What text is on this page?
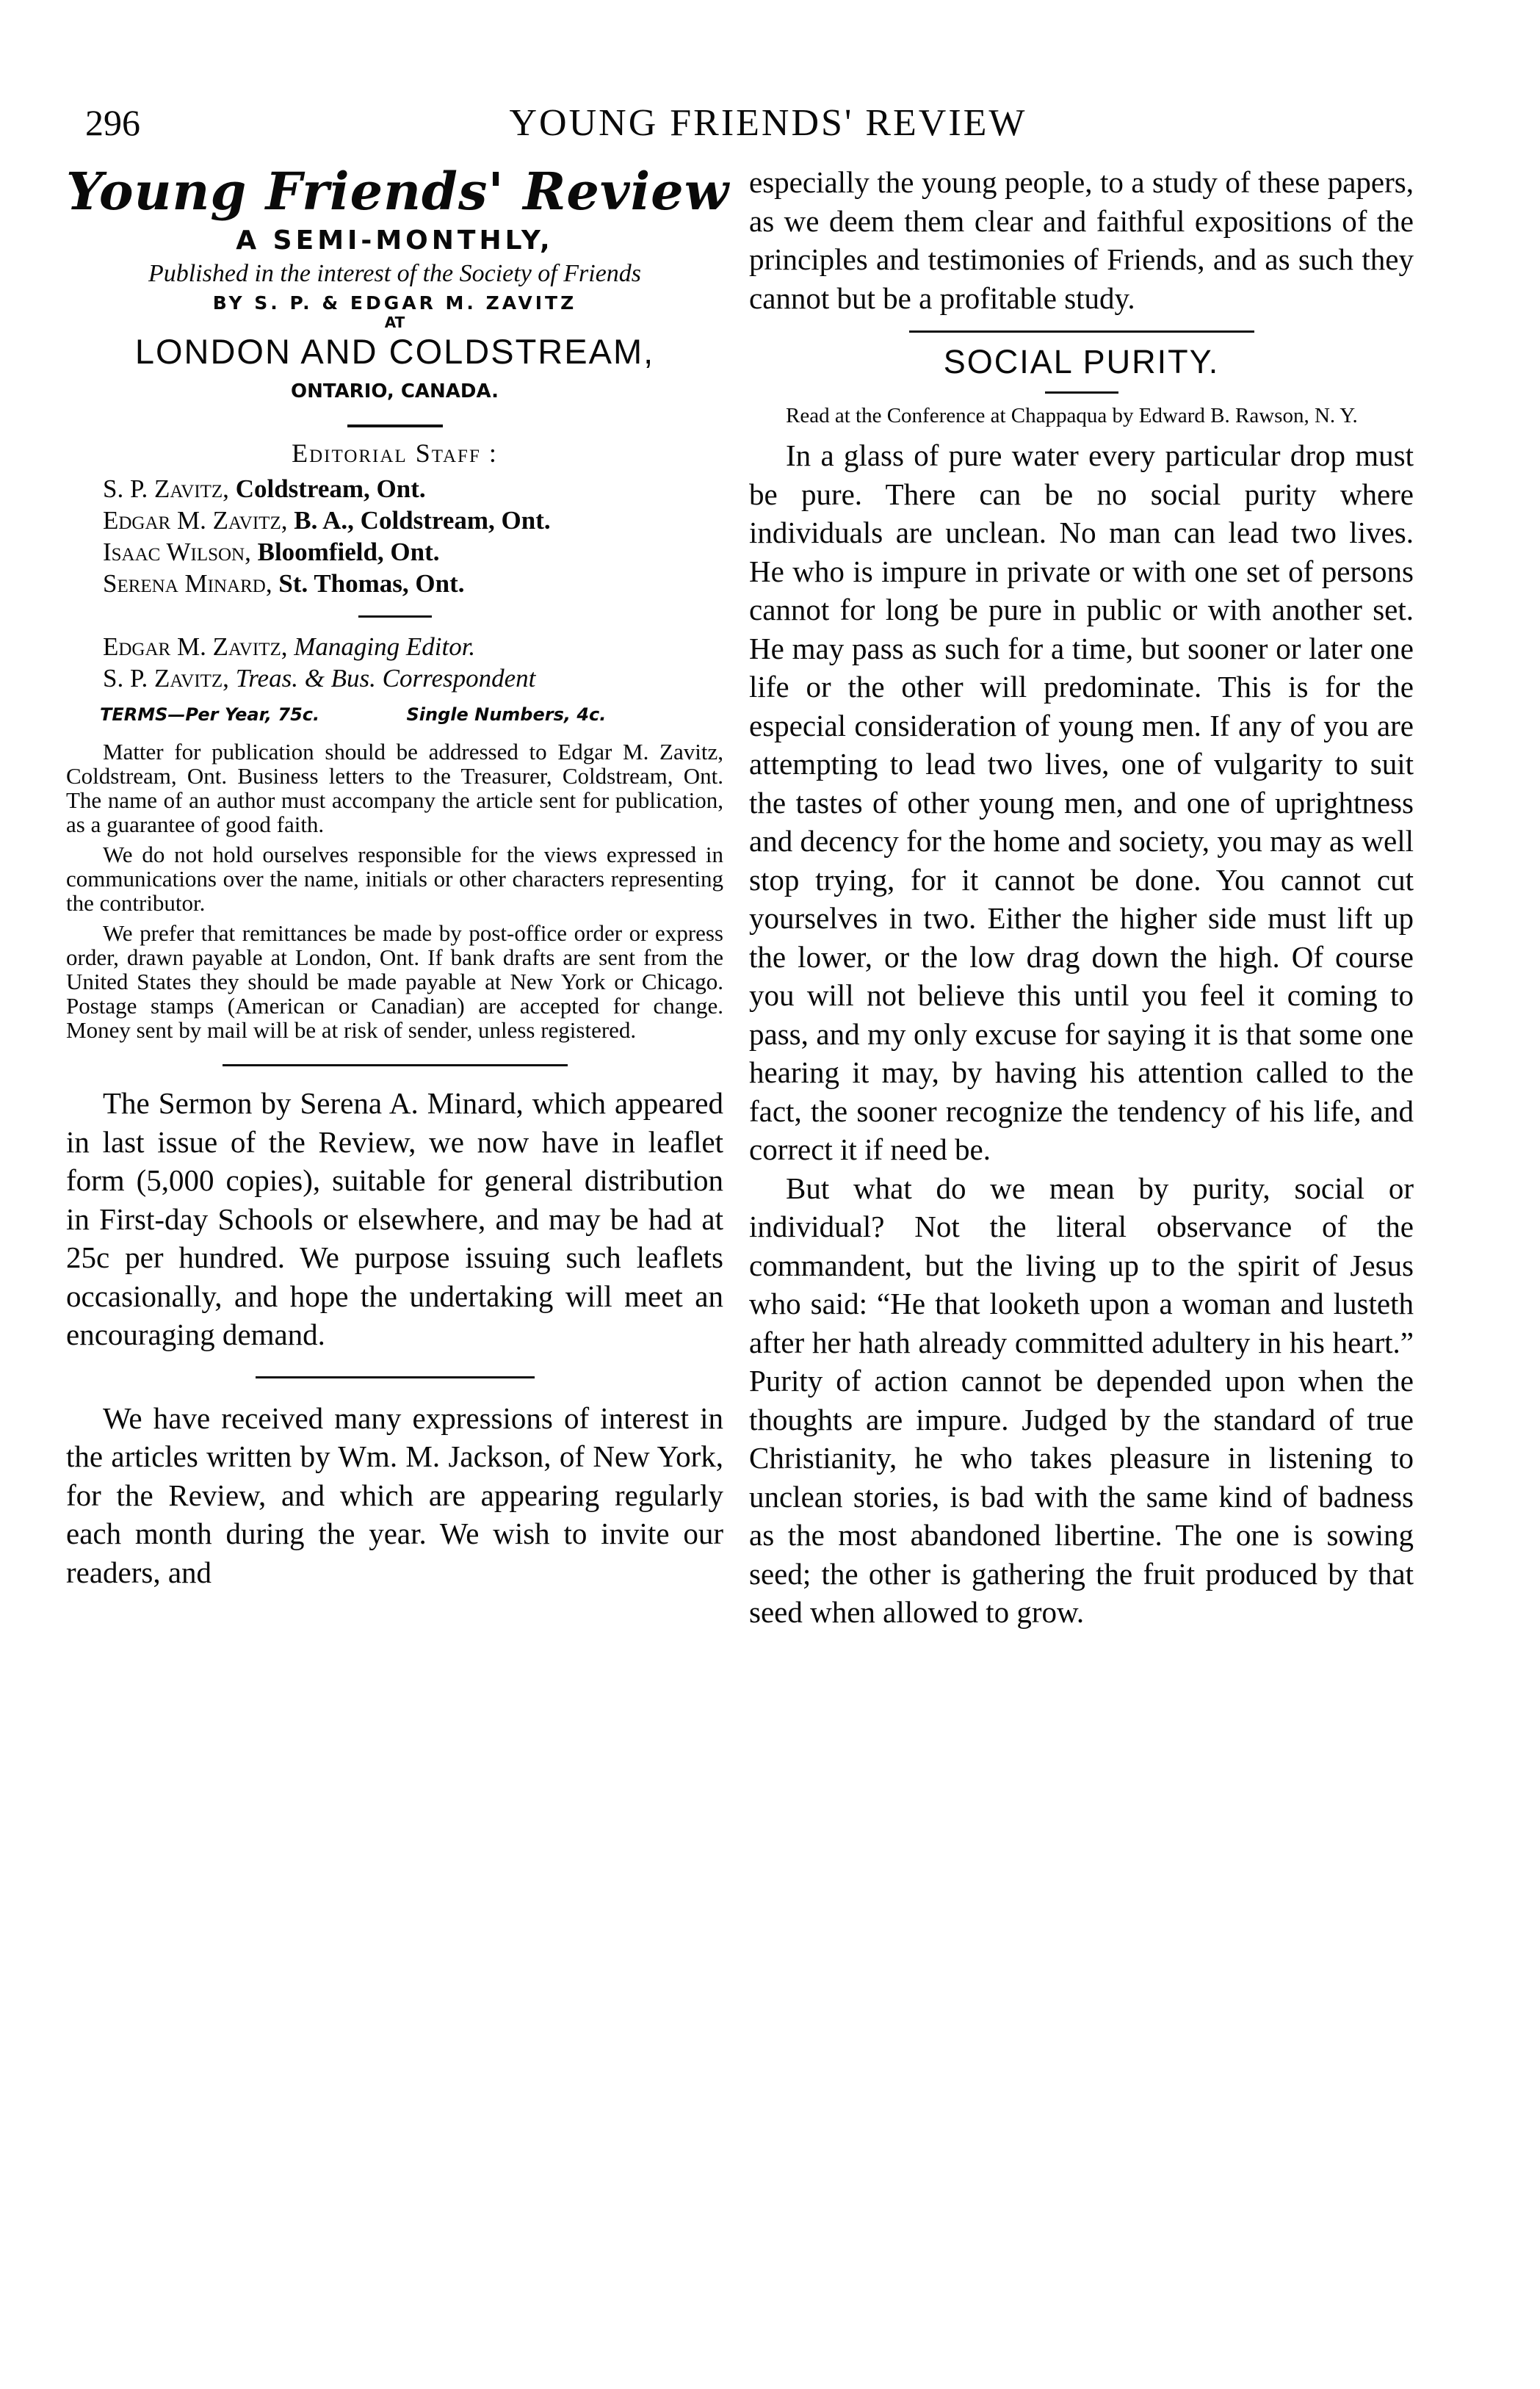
296	YOUNG FRIENDS' REVIEW
Young Friends' Review
A SEMI-MONTHLY,
Published in the interest of the Society of Friends
BY S. P. & EDGAR M. ZAVITZ
AT
LONDON AND COLDSTREAM,
ONTARIO, CANADA.
Editorial Staff :
S. P. Zavitz, Coldstream, Ont.
Edgar M. Zavitz, B. A., Coldstream, Ont.
Isaac Wilson, Bloomfield, Ont.
Serena Minard, St. Thomas, Ont.
Edgar M. Zavitz, Managing Editor.
S. P. Zavitz, Treas. & Bus. Correspondent
TERMS—Per Year, 75c.	Single Numbers, 4c.

Matter for publication should be addressed to Edgar M. Zavitz, Coldstream, Ont. Business letters to the Treasurer, Coldstream, Ont. The name of an author must accompany the article sent for publication, as a guarantee of good faith.

We do not hold ourselves responsible for the views expressed in communications over the name, initials or other characters representing the contributor.

We prefer that remittances be made by post-office order or express order, drawn payable at London, Ont. If bank drafts are sent from the United States they should be made payable at New York or Chicago. Postage stamps (American or Canadian) are accepted for change. Money sent by mail will be at risk of sender, unless registered.

The Sermon by Serena A. Minard, which appeared in last issue of the Review, we now have in leaflet form (5,000 copies), suitable for general distribution in First-day Schools or elsewhere, and may be had at 25c per hundred. We purpose issuing such leaflets occasionally, and hope the undertaking will meet an encouraging demand.

We have received many expressions of interest in the articles written by Wm. M. Jackson, of New York, for the Review, and which are appearing regularly each month during the year. We wish to invite our readers, and

especially the young people, to a study of these papers, as we deem them clear and faithful expositions of the principles and testimonies of Friends, and as such they cannot but be a profitable study.

SOCIAL PURITY.

Read at the Conference at Chappaqua by Edward B. Rawson, N. Y.

In a glass of pure water every particular drop must be pure. There can be no social purity where individuals are unclean. No man can lead two lives. He who is impure in private or with one set of persons cannot for long be pure in public or with another set. He may pass as such for a time, but sooner or later one life or the other will predominate. This is for the especial consideration of young men. If any of you are attempting to lead two lives, one of vulgarity to suit the tastes of other young men, and one of uprightness and decency for the home and society, you may as well stop trying, for it cannot be done. You cannot cut yourselves in two. Either the higher side must lift up the lower, or the low drag down the high. Of course you will not believe this until you feel it coming to pass, and my only excuse for saying it is that some one hearing it may, by having his attention called to the fact, the sooner recognize the tendency of his life, and correct it if need be.

But what do we mean by purity, social or individual? Not the literal observance of the commandent, but the living up to the spirit of Jesus who said: “He that looketh upon a woman and lusteth after her hath already committed adultery in his heart.” Purity of action cannot be depended upon when the thoughts are impure. Judged by the standard of true Christianity, he who takes pleasure in listening to unclean stories, is bad with the same kind of badness as the most abandoned libertine. The one is sowing seed; the other is gathering the fruit produced by that seed when allowed to grow.
